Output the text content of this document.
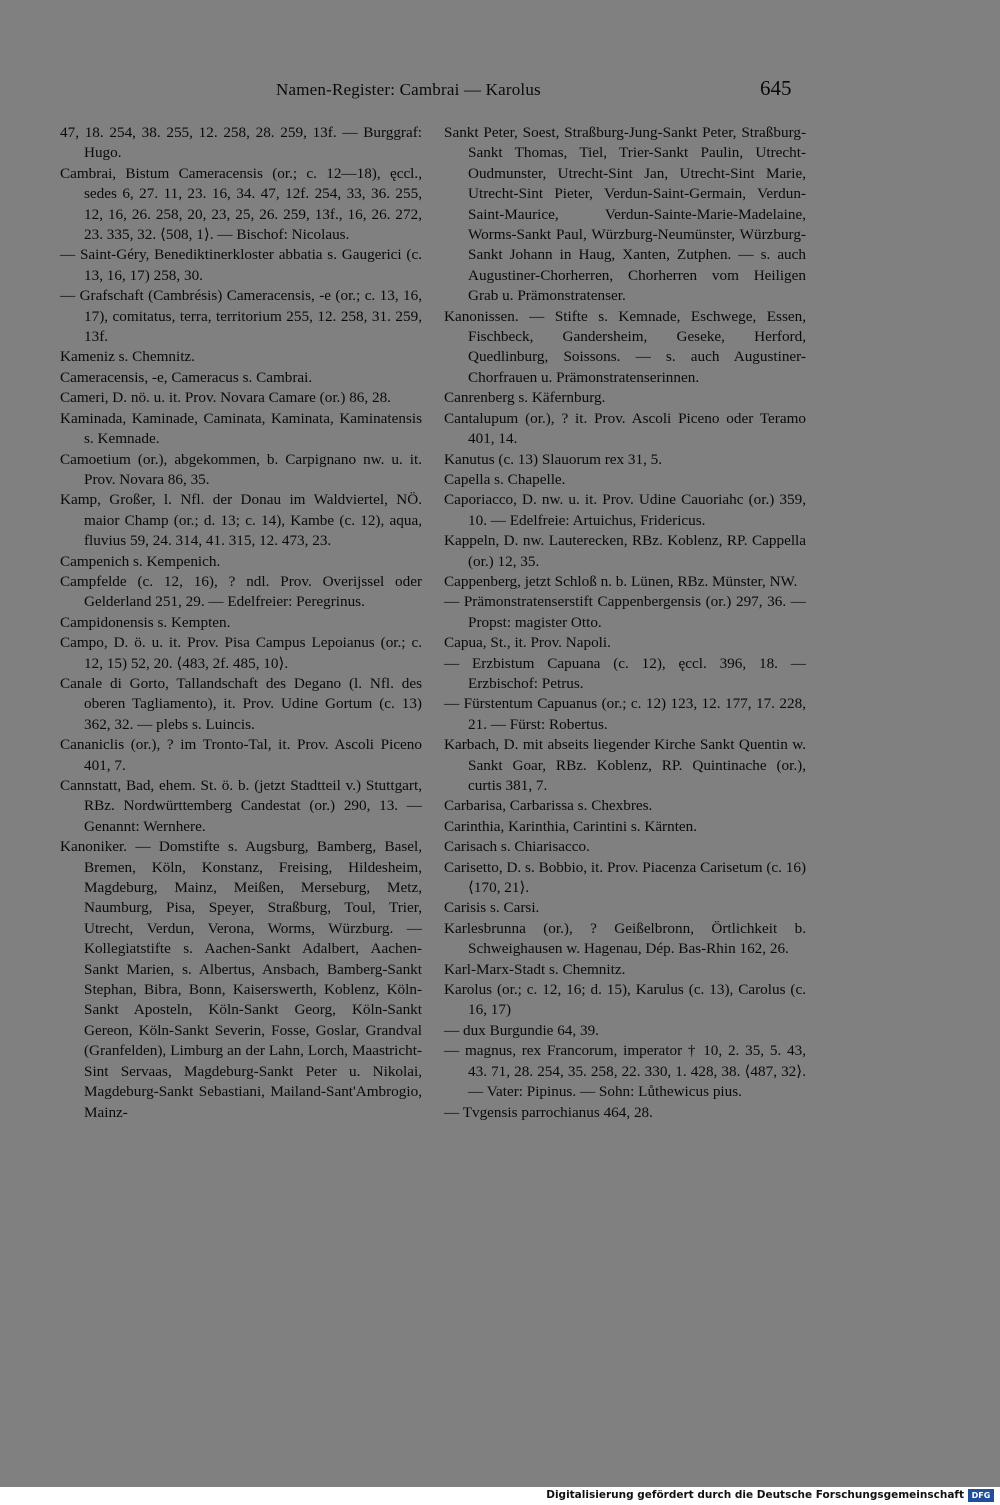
Namen-Register: Cambrai — Karolus	645

47, 18. 254, 38. 255, 12. 258, 28. 259, 13f. — Burggraf: Hugo.

Cambrai, Bistum Cameracensis (or.; c. 12—18), ęccl., sedes 6, 27. 11, 23. 16, 34. 47, 12f. 254, 33, 36. 255, 12, 16, 26. 258, 20, 23, 25, 26. 259, 13f., 16, 26. 272, 23. 335, 32. ⟨508, 1⟩. — Bischof: Nicolaus.

— Saint-Géry, Benediktinerkloster abbatia s. Gaugerici (c. 13, 16, 17) 258, 30.

— Grafschaft (Cambrésis) Cameracensis, -e (or.; c. 13, 16, 17), comitatus, terra, territorium 255, 12. 258, 31. 259, 13f.

Kameniz s. Chemnitz.

Cameracensis, -e, Cameracus s. Cambrai.

Cameri, D. nö. u. it. Prov. Novara Camare (or.) 86, 28.

Kaminada, Kaminade, Caminata, Kaminata, Kaminatensis s. Kemnade.

Camoetium (or.), abgekommen, b. Carpignano nw. u. it. Prov. Novara 86, 35.

Kamp, Großer, l. Nfl. der Donau im Waldviertel, NÖ. maior Champ (or.; d. 13; c. 14), Kambe (c. 12), aqua, fluvius 59, 24. 314, 41. 315, 12. 473, 23.

Campenich s. Kempenich.

Campfelde (c. 12, 16), ? ndl. Prov. Overijssel oder Gelderland 251, 29. — Edelfreier: Peregrinus.

Campidonensis s. Kempten.

Campo, D. ö. u. it. Prov. Pisa Campus Lepoianus (or.; c. 12, 15) 52, 20. ⟨483, 2f. 485, 10⟩.

Canale di Gorto, Tallandschaft des Degano (l. Nfl. des oberen Tagliamento), it. Prov. Udine Gortum (c. 13) 362, 32. — plebs s. Luincis.

Cananiclis (or.), ? im Tronto-Tal, it. Prov. Ascoli Piceno 401, 7.

Cannstatt, Bad, ehem. St. ö. b. (jetzt Stadtteil v.) Stuttgart, RBz. Nordwürttemberg Candestat (or.) 290, 13. — Genannt: Wernhere.

Kanoniker. — Domstifte s. Augsburg, Bamberg, Basel, Bremen, Köln, Konstanz, Freising, Hildesheim, Magdeburg, Mainz, Meißen, Merseburg, Metz, Naumburg, Pisa, Speyer, Straßburg, Toul, Trier, Utrecht, Verdun, Verona, Worms, Würzburg. — Kollegiatstifte s. Aachen-Sankt Adalbert, Aachen-Sankt Marien, s. Albertus, Ansbach, Bamberg-Sankt Stephan, Bibra, Bonn, Kaiserswerth, Koblenz, Köln-Sankt Aposteln, Köln-Sankt Georg, Köln-Sankt Gereon, Köln-Sankt Severin, Fosse, Goslar, Grandval (Granfelden), Limburg an der Lahn, Lorch, Maastricht-Sint Servaas, Magdeburg-Sankt Peter u. Nikolai, Magdeburg-Sankt Sebastiani, Mailand-Sant'Ambrogio, Mainz-

Sankt Peter, Soest, Straßburg-Jung-Sankt Peter, Straßburg-Sankt Thomas, Tiel, Trier-Sankt Paulin, Utrecht-Oudmunster, Utrecht-Sint Jan, Utrecht-Sint Marie, Utrecht-Sint Pieter, Verdun-Saint-Germain, Verdun-Saint-Maurice, Verdun-Sainte-Marie-Madelaine, Worms-Sankt Paul, Würzburg-Neumünster, Würzburg-Sankt Johann in Haug, Xanten, Zutphen. — s. auch Augustiner-Chorherren, Chorherren vom Heiligen Grab u. Prämonstratenser.

Kanonissen. — Stifte s. Kemnade, Eschwege, Essen, Fischbeck, Gandersheim, Geseke, Herford, Quedlinburg, Soissons. — s. auch Augustiner-Chorfrauen u. Prämonstratenserinnen.

Canrenberg s. Käfernburg.

Cantalupum (or.), ? it. Prov. Ascoli Piceno oder Teramo 401, 14.

Kanutus (c. 13) Slauorum rex 31, 5.

Capella s. Chapelle.

Caporiacco, D. nw. u. it. Prov. Udine Cauoriahc (or.) 359, 10. — Edelfreie: Artuichus, Fridericus.

Kappeln, D. nw. Lauterecken, RBz. Koblenz, RP. Cappella (or.) 12, 35.

Cappenberg, jetzt Schloß n. b. Lünen, RBz. Münster, NW.

— Prämonstratenserstift Cappenbergensis (or.) 297, 36. — Propst: magister Otto.

Capua, St., it. Prov. Napoli.

— Erzbistum Capuana (c. 12), ęccl. 396, 18. — Erzbischof: Petrus.

— Fürstentum Capuanus (or.; c. 12) 123, 12. 177, 17. 228, 21. — Fürst: Robertus.

Karbach, D. mit abseits liegender Kirche Sankt Quentin w. Sankt Goar, RBz. Koblenz, RP. Quintinache (or.), curtis 381, 7.

Carbarisa, Carbarissa s. Chexbres.

Carinthia, Karinthia, Carintini s. Kärnten.

Carisach s. Chiarisacco.

Carisetto, D. s. Bobbio, it. Prov. Piacenza Carisetum (c. 16) ⟨170, 21⟩.

Carisis s. Carsi.

Karlesbrunna (or.), ? Geißelbronn, Örtlichkeit b. Schweighausen w. Hagenau, Dép. Bas-Rhin 162, 26.

Karl-Marx-Stadt s. Chemnitz.

Karolus (or.; c. 12, 16; d. 15), Karulus (c. 13), Carolus (c. 16, 17)

— dux Burgundie 64, 39.

— magnus, rex Francorum, imperator † 10, 2. 35, 5. 43, 43. 71, 28. 254, 35. 258, 22. 330, 1. 428, 38. ⟨487, 32⟩. — Vater: Pipinus. — Sohn: Lůthewicus pius.

— Tvgensis parrochianus 464, 28.

Digitalisierung gefördert durch die Deutsche Forschungsgemeinschaft DFG
